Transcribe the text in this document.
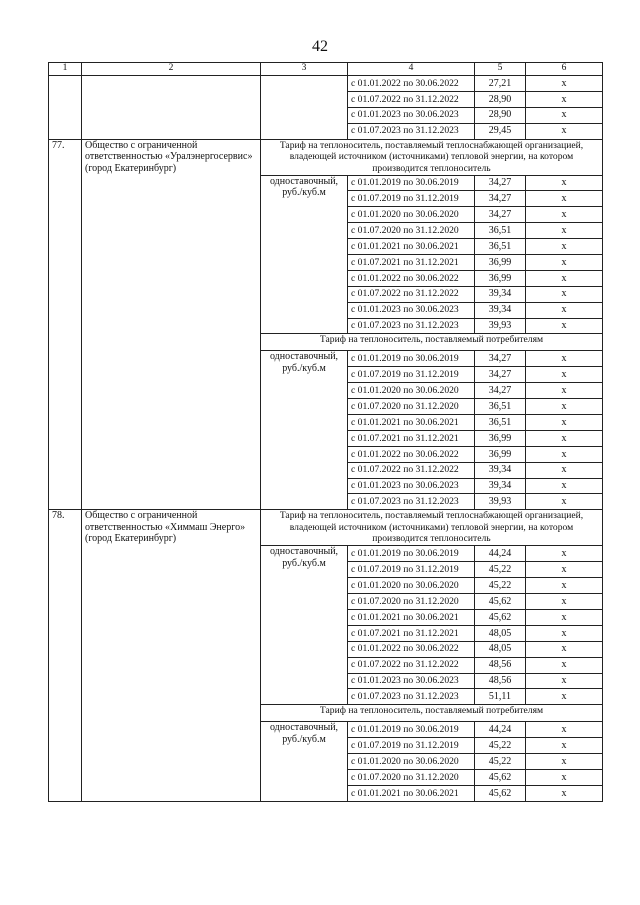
42
1	2	3	4	5	6
			с 01.01.2022 по 30.06.2022	27,21	х
			с 01.07.2022 по 31.12.2022	28,90	х
			с 01.01.2023 по 30.06.2023	28,90	х
			с 01.07.2023 по 31.12.2023	29,45	х
77.	Общество с ограниченной ответственностью «Уралэнергосервис» (город Екатеринбург)	Тариф на теплоноситель, поставляемый теплоснабжающей организацией, владеющей источником (источниками) тепловой энергии, на котором производится теплоноситель			
		одноставочный, руб./куб.м	с 01.01.2019 по 30.06.2019	34,27	х
			с 01.07.2019 по 31.12.2019	34,27	х
			с 01.01.2020 по 30.06.2020	34,27	х
			с 01.07.2020 по 31.12.2020	36,51	х
			с 01.01.2021 по 30.06.2021	36,51	х
			с 01.07.2021 по 31.12.2021	36,99	х
			с 01.01.2022 по 30.06.2022	36,99	х
			с 01.07.2022 по 31.12.2022	39,34	х
			с 01.01.2023 по 30.06.2023	39,34	х
			с 01.07.2023 по 31.12.2023	39,93	х
		Тариф на теплоноситель, поставляемый потребителям			
		одноставочный, руб./куб.м	с 01.01.2019 по 30.06.2019	34,27	х
			с 01.07.2019 по 31.12.2019	34,27	х
			с 01.01.2020 по 30.06.2020	34,27	х
			с 01.07.2020 по 31.12.2020	36,51	х
			с 01.01.2021 по 30.06.2021	36,51	х
			с 01.07.2021 по 31.12.2021	36,99	х
			с 01.01.2022 по 30.06.2022	36,99	х
			с 01.07.2022 по 31.12.2022	39,34	х
			с 01.01.2023 по 30.06.2023	39,34	х
			с 01.07.2023 по 31.12.2023	39,93	х
78.	Общество с ограниченной ответственностью «Химмаш Энерго» (город Екатеринбург)	Тариф на теплоноситель, поставляемый теплоснабжающей организацией, владеющей источником (источниками) тепловой энергии, на котором производится теплоноситель			
		одноставочный, руб./куб.м	с 01.01.2019 по 30.06.2019	44,24	х
			с 01.07.2019 по 31.12.2019	45,22	х
			с 01.01.2020 по 30.06.2020	45,22	х
			с 01.07.2020 по 31.12.2020	45,62	х
			с 01.01.2021 по 30.06.2021	45,62	х
			с 01.07.2021 по 31.12.2021	48,05	х
			с 01.01.2022 по 30.06.2022	48,05	х
			с 01.07.2022 по 31.12.2022	48,56	х
			с 01.01.2023 по 30.06.2023	48,56	х
			с 01.07.2023 по 31.12.2023	51,11	х
		Тариф на теплоноситель, поставляемый потребителям			
		одноставочный, руб./куб.м	с 01.01.2019 по 30.06.2019	44,24	х
			с 01.07.2019 по 31.12.2019	45,22	х
			с 01.01.2020 по 30.06.2020	45,22	х
			с 01.07.2020 по 31.12.2020	45,62	х
			с 01.01.2021 по 30.06.2021	45,62	х
